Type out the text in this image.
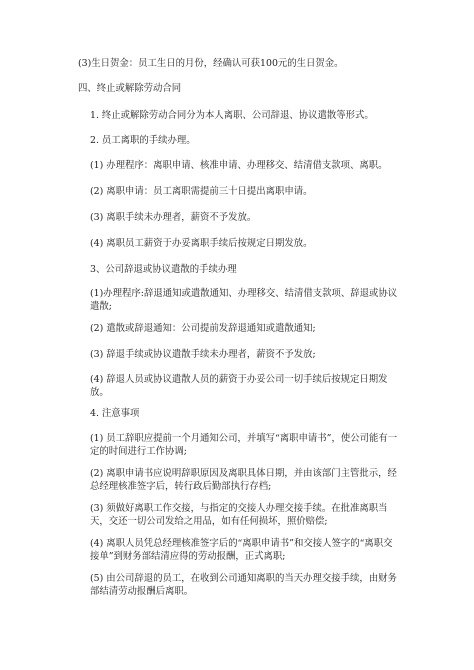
(3)生日贺金：员工生日的月份，经确认可获100元的生日贺金。
四、终止或解除劳动合同
1. 终止或解除劳动合同分为本人离职、公司辞退、协议遣散等形式。
2. 员工离职的手续办理。
(1) 办理程序：离职申请、核准申请、办理移交、结清借支款项、离职。
(2) 离职申请：员工离职需提前三十日提出离职申请。
(3) 离职手续未办理者，薪资不予发放。
(4) 离职员工薪资于办妥离职手续后按规定日期发放。
3、公司辞退或协议遣散的手续办理
(1)办理程序:辞退通知或遣散通知、办理移交、结清借支款项、辞退或协议遣散;
(2) 遣散或辞退通知：公司提前发辞退通知或遣散通知;
(3) 辞退手续或协议遣散手续未办理者，薪资不予发放;
(4) 辞退人员或协议遣散人员的薪资于办妥公司一切手续后按规定日期发放。
4. 注意事项
(1) 员工辞职应提前一个月通知公司，并填写“离职申请书”，使公司能有一定的时间进行工作协调;
(2) 离职申请书应说明辞职原因及离职具体日期，并由该部门主管批示，经总经理核准签字后，转行政后勤部执行存档;
(3) 须做好离职工作交接，与指定的交接人办理交接手续。在批准离职当天，交还一切公司发给之用品，如有任何损坏，照价赔偿;
(4) 离职人员凭总经理核准签字后的“离职申请书”和交接人签字的“离职交接单”到财务部结清应得的劳动报酬，正式离职;
(5) 由公司辞退的员工，在收到公司通知离职的当天办理交接手续，由财务部结清劳动报酬后离职。
